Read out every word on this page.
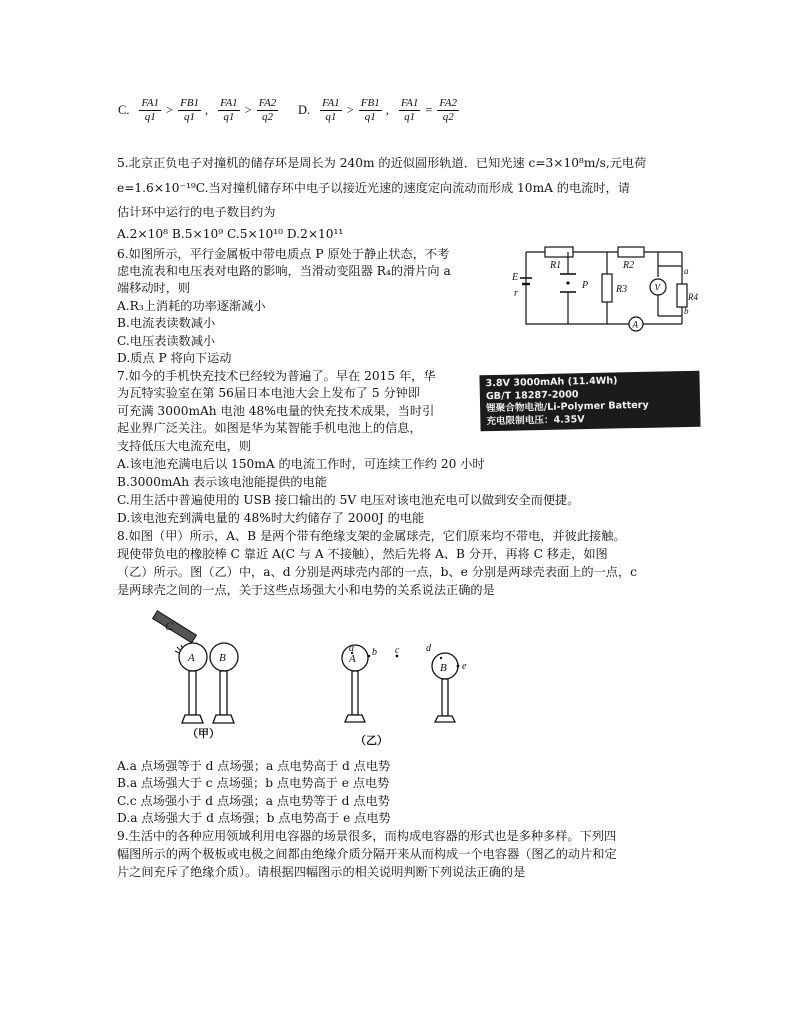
C. $\frac{FA1}{q1} > \frac{FB1}{q1}$ , $\frac{FA1}{q1} > \frac{FA2}{q2} D$. $\frac{FA1}{q1} > \frac{FB1}{q1}$ , $\frac{FA1}{q1} = \frac{FA2}{q2}$
5.北京正负电子对撞机的储存环是周长为 240m 的近似圆形轨道．已知光速 c=3×10⁸m/s,元电荷
e=1.6×10⁻¹⁹C.当对撞机储存环中电子以接近光速的速度定向流动而形成 10mA 的电流时，请
估计环中运行的电子数目约为
A.2×10⁸ B.5×10⁹ C.5×10¹⁰ D.2×10¹¹
6.如图所示，平行金属板中带电质点 P 原处于静止状态，不考
虑电流表和电压表对电路的影响，当滑动变阻器 R₄的滑片向 a
端移动时，则
A.R₃上消耗的功率逐渐减小
B.电流表读数减小
C.电压表读数减小
D.质点 P 将向下运动
7.如今的手机快充技术已经较为普遍了。早在 2015 年，华
为瓦特实验室在第 56届日本电池大会上发布了 5 分钟即
可充满 3000mAh 电池 48%电量的快充技术成果，当时引
起业界广泛关注。如图是华为某智能手机电池上的信息，
支持低压大电流充电，则
A.该电池充满电后以 150mA 的电流工作时，可连续工作约 20 小时
B.3000mAh 表示该电池能提供的电能
C.用生活中普遍使用的 USB 接口输出的 5V 电压对该电池充电可以做到安全而便捷。
D.该电池充到满电量的 48%时大约储存了 2000J 的电能
8.如图（甲）所示，A、B 是两个带有绝缘支架的金属球壳，它们原来均不带电，并彼此接触。
现使带负电的橡胶棒 C 靠近 A(C 与 A 不接触），然后先将 A、B 分开，再将 C 移走，如图
（乙）所示。图（乙）中，a、d 分别是两球壳内部的一点，b、e 分别是两球壳表面上的一点，c
是两球壳之间的一点，关于这些点场强大小和电势的关系说法正确的是
A.a 点场强等于 d 点场强；a 点电势高于 d 点电势
B.a 点场强大于 c 点场强；b 点电势高于 e 点电势
C.c 点场强小于 d 点场强；a 点电势等于 d 点电势
D.a 点场强大于 d 点场强；b 点电势高于 e 点电势
9.生活中的各种应用领域利用电容器的场景很多，而构成电容器的形式也是多种多样。下列四
幅图所示的两个极板或电极之间都由绝缘介质分隔开来从而构成一个电容器（图乙的动片和定
片之间充斥了绝缘介质）。请根据四幅图示的相关说明判断下列说法正确的是
3.8V 3000mAh (11.4Wh)
GB/T 18287-2000
锂聚合物电池/Li-Polymer Battery
充电限制电压：4.35V
E
r
R1
P	R3
R2
V
a
R4
b
A
C
A B
（甲）
A
B
a b c	d
e
（乙）
